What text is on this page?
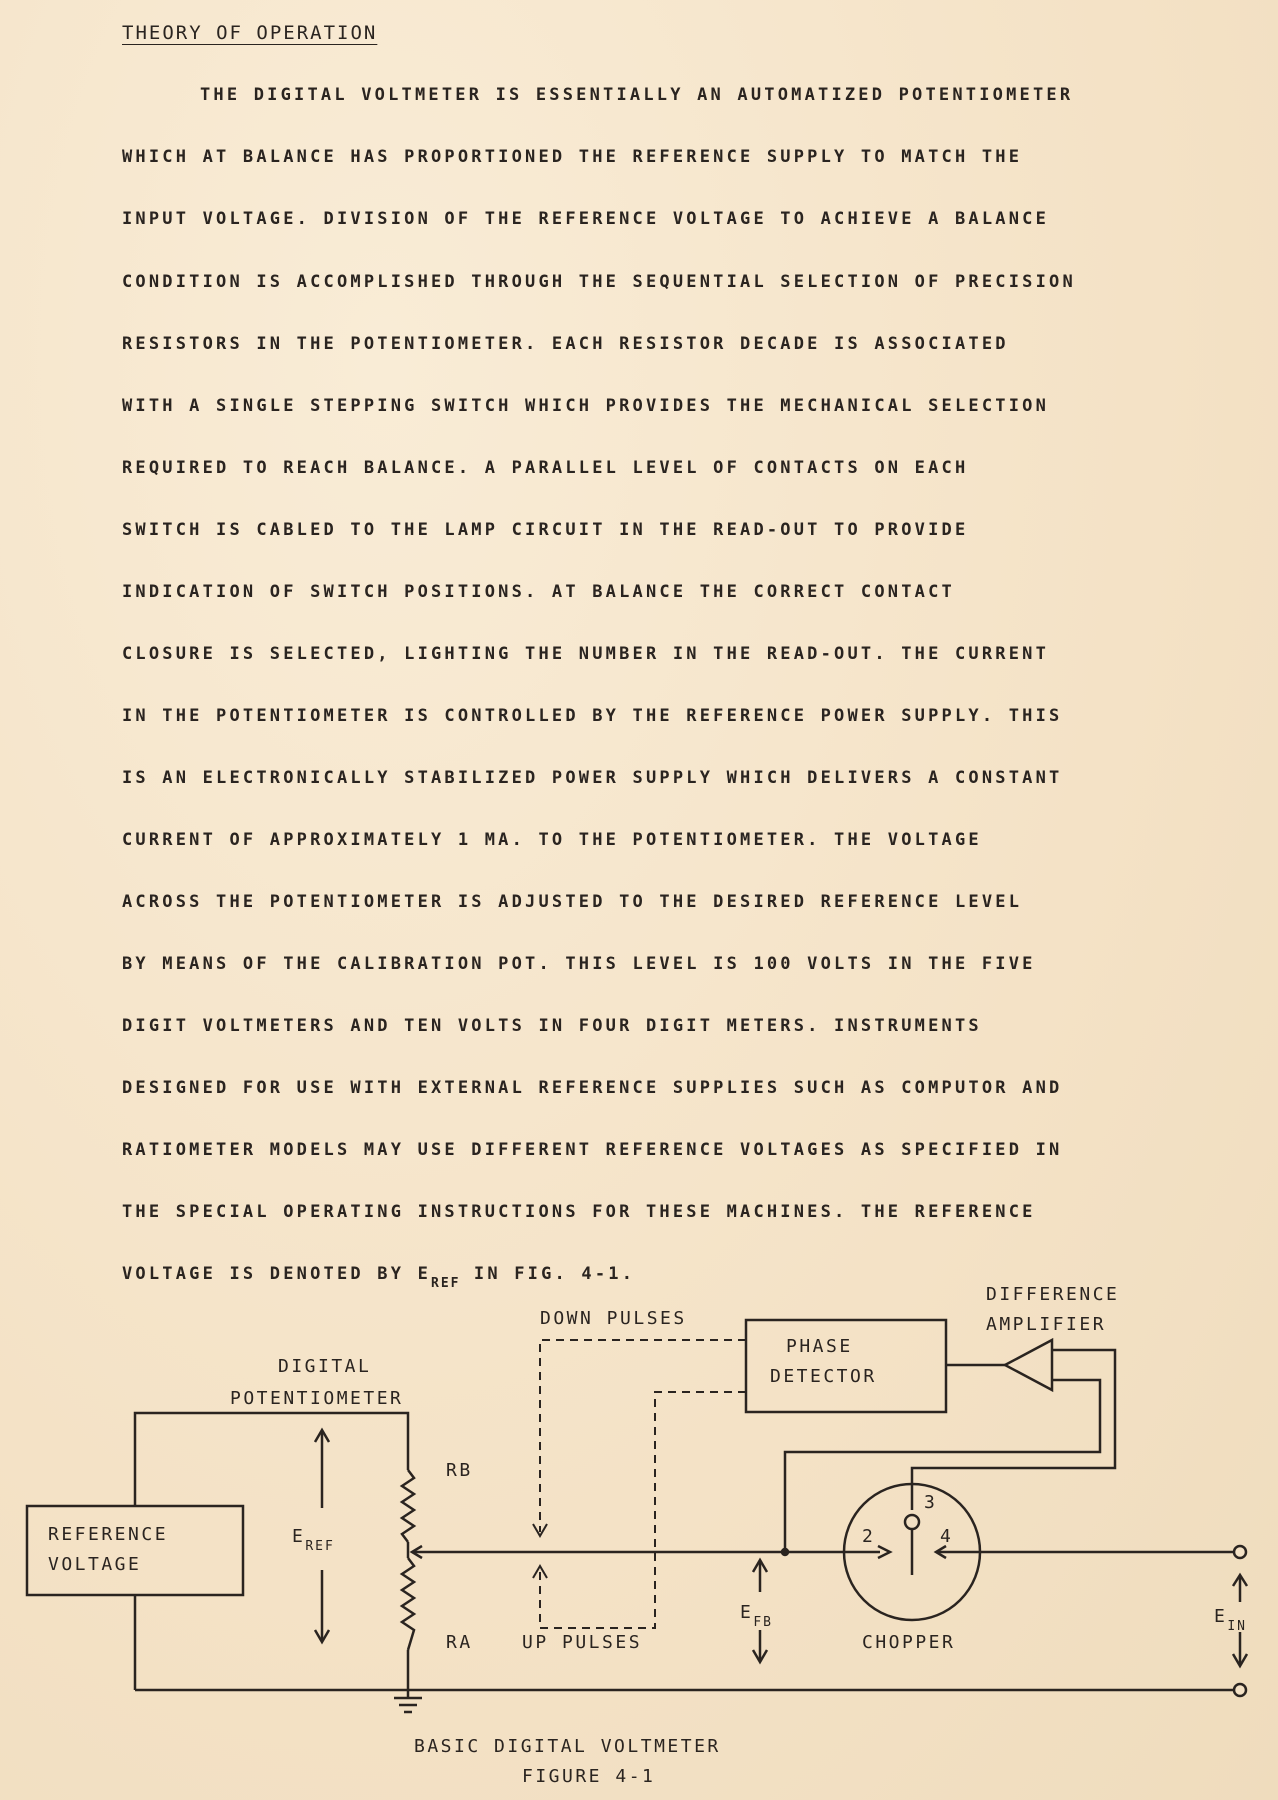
THEORY OF OPERATION
THE DIGITAL VOLTMETER IS ESSENTIALLY AN AUTOMATIZED POTENTIOMETER
WHICH AT BALANCE HAS PROPORTIONED THE REFERENCE SUPPLY TO MATCH THE
INPUT VOLTAGE. DIVISION OF THE REFERENCE VOLTAGE TO ACHIEVE A BALANCE
CONDITION IS ACCOMPLISHED THROUGH THE SEQUENTIAL SELECTION OF PRECISION
RESISTORS IN THE POTENTIOMETER. EACH RESISTOR DECADE IS ASSOCIATED
WITH A SINGLE STEPPING SWITCH WHICH PROVIDES THE MECHANICAL SELECTION
REQUIRED TO REACH BALANCE. A PARALLEL LEVEL OF CONTACTS ON EACH
SWITCH IS CABLED TO THE LAMP CIRCUIT IN THE READ-OUT TO PROVIDE
INDICATION OF SWITCH POSITIONS. AT BALANCE THE CORRECT CONTACT
CLOSURE IS SELECTED, LIGHTING THE NUMBER IN THE READ-OUT. THE CURRENT
IN THE POTENTIOMETER IS CONTROLLED BY THE REFERENCE POWER SUPPLY. THIS
IS AN ELECTRONICALLY STABILIZED POWER SUPPLY WHICH DELIVERS A CONSTANT
CURRENT OF APPROXIMATELY 1 MA. TO THE POTENTIOMETER. THE VOLTAGE
ACROSS THE POTENTIOMETER IS ADJUSTED TO THE DESIRED REFERENCE LEVEL
BY MEANS OF THE CALIBRATION POT. THIS LEVEL IS 100 VOLTS IN THE FIVE
DIGIT VOLTMETERS AND TEN VOLTS IN FOUR DIGIT METERS. INSTRUMENTS
DESIGNED FOR USE WITH EXTERNAL REFERENCE SUPPLIES SUCH AS COMPUTOR AND
RATIOMETER MODELS MAY USE DIFFERENT REFERENCE VOLTAGES AS SPECIFIED IN
THE SPECIAL OPERATING INSTRUCTIONS FOR THESE MACHINES. THE REFERENCE
VOLTAGE IS DENOTED BY $E_{REF}$ IN FIG. 4-1.
REFERENCE
VOLTAGE
DIGITAL
POTENTIOMETER
$E_{REF}$
RB
RA
DOWN PULSES
UP PULSES
PHASE
DETECTOR
DIFFERENCE
AMPLIFIER
$E_{FB}$
CHOPPER
$E_{IN}$
2
3
4
BASIC DIGITAL VOLTMETER
FIGURE 4-1
